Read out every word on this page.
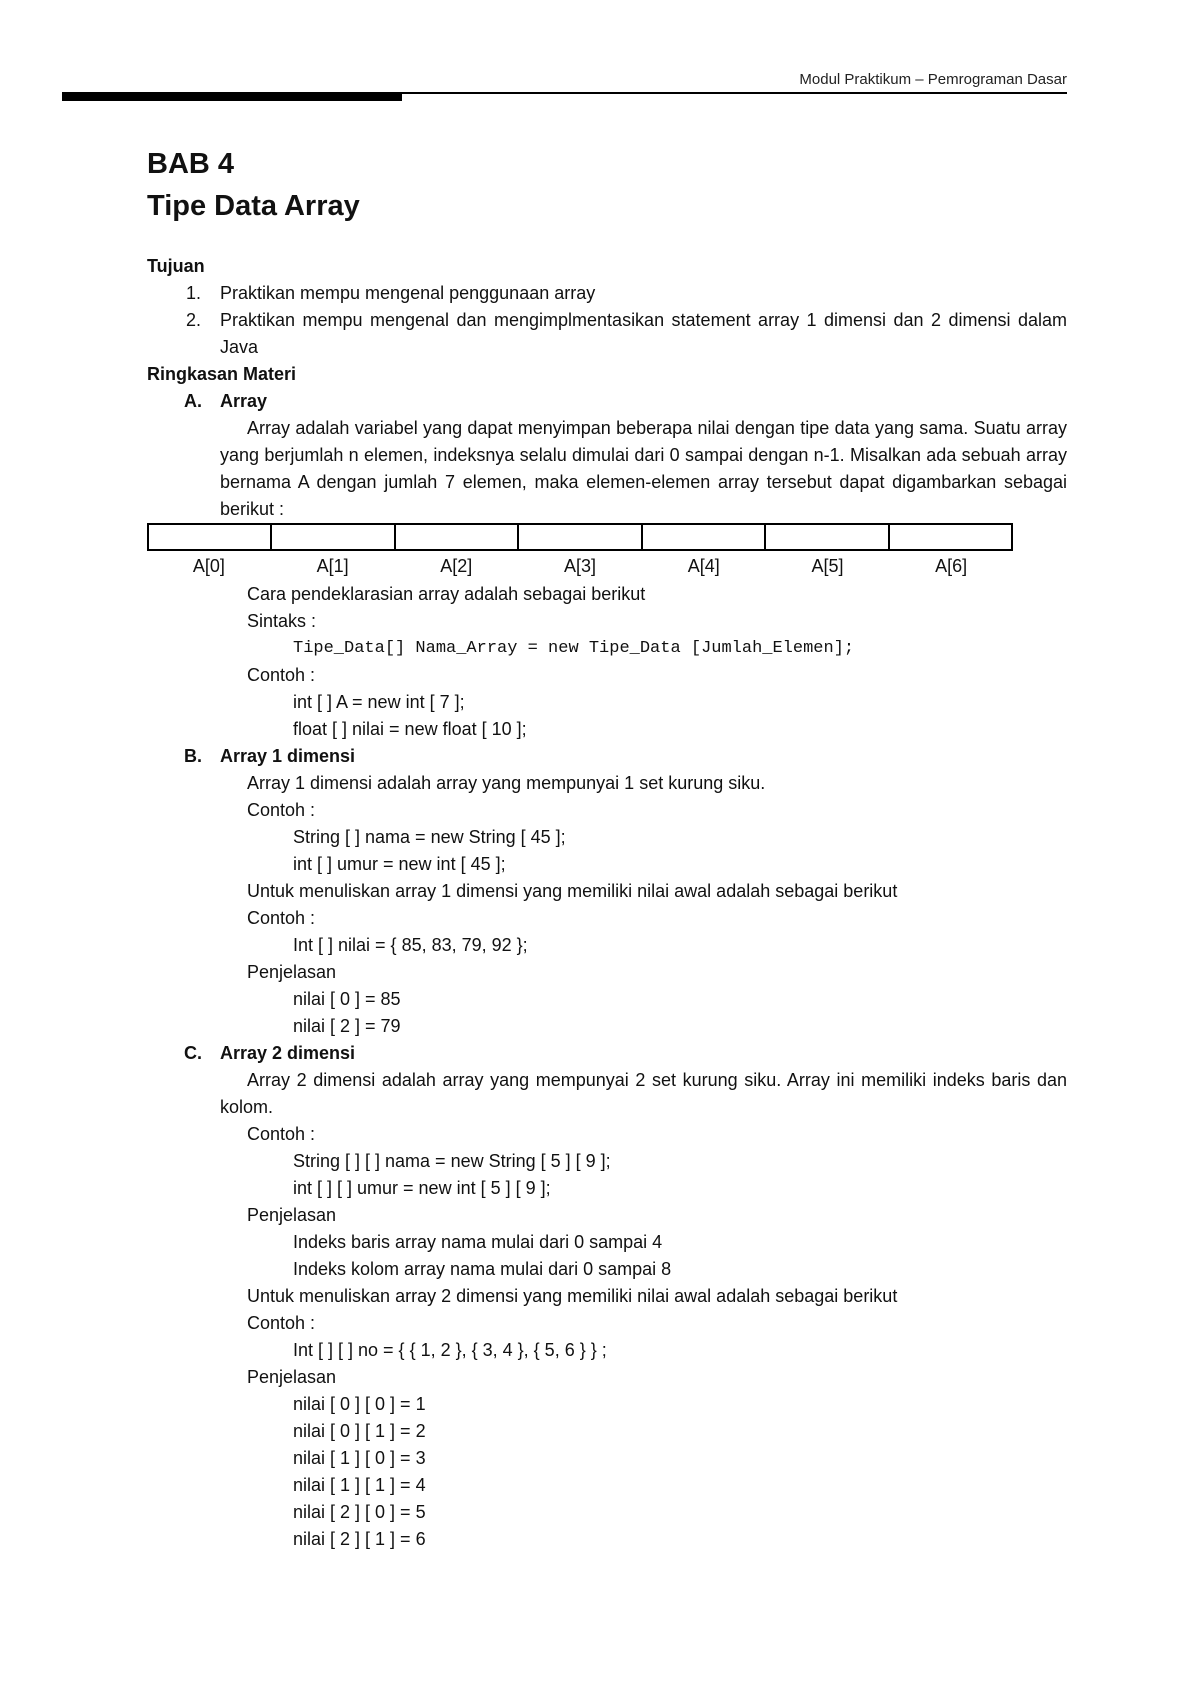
Modul Praktikum – Pemrograman Dasar
BAB 4
Tipe Data Array
Tujuan
1.	Praktikan mempu mengenal penggunaan array
2.	Praktikan mempu mengenal dan mengimplmentasikan statement array 1 dimensi dan 2 dimensi dalam Java
Ringkasan Materi
A.	Array

Array adalah variabel yang dapat menyimpan beberapa nilai dengan tipe data yang sama. Suatu array yang berjumlah n elemen, indeksnya selalu dimulai dari 0 sampai dengan n-1. Misalkan ada sebuah array bernama A dengan jumlah 7 elemen, maka elemen-elemen array tersebut dapat digambarkan sebagai berikut :

A[0]	A[1]	A[2]	A[3]	A[4]	A[5]	A[6]
Cara pendeklarasian array adalah sebagai berikut
Sintaks :
Tipe_Data[] Nama_Array = new Tipe_Data [Jumlah_Elemen];
Contoh :
int [ ] A = new int [ 7 ];
float [ ] nilai = new float [ 10 ];
B.	Array 1 dimensi
Array 1 dimensi adalah array yang mempunyai 1 set kurung siku.
Contoh :
String [ ] nama = new String [ 45 ];
int [ ] umur = new int [ 45 ];
Untuk menuliskan array 1 dimensi yang memiliki nilai awal adalah sebagai berikut
Contoh :
Int [ ] nilai = { 85, 83, 79, 92 };
Penjelasan
nilai [ 0 ] = 85
nilai [ 2 ] = 79
C.	Array 2 dimensi

Array 2 dimensi adalah array yang mempunyai 2 set kurung siku. Array ini memiliki indeks baris dan kolom.

Contoh :
String [ ] [ ] nama = new String [ 5 ] [ 9 ];
int [ ] [ ] umur = new int [ 5 ] [ 9 ];
Penjelasan
Indeks baris array nama mulai dari 0 sampai 4
Indeks kolom array nama mulai dari 0 sampai 8
Untuk menuliskan array 2 dimensi yang memiliki nilai awal adalah sebagai berikut
Contoh :
Int [ ] [ ] no = { { 1, 2 }, { 3, 4 }, { 5, 6 } } ;
Penjelasan
nilai [ 0 ] [ 0 ] = 1
nilai [ 0 ] [ 1 ] = 2
nilai [ 1 ] [ 0 ] = 3
nilai [ 1 ] [ 1 ] = 4
nilai [ 2 ] [ 0 ] = 5
nilai [ 2 ] [ 1 ] = 6
